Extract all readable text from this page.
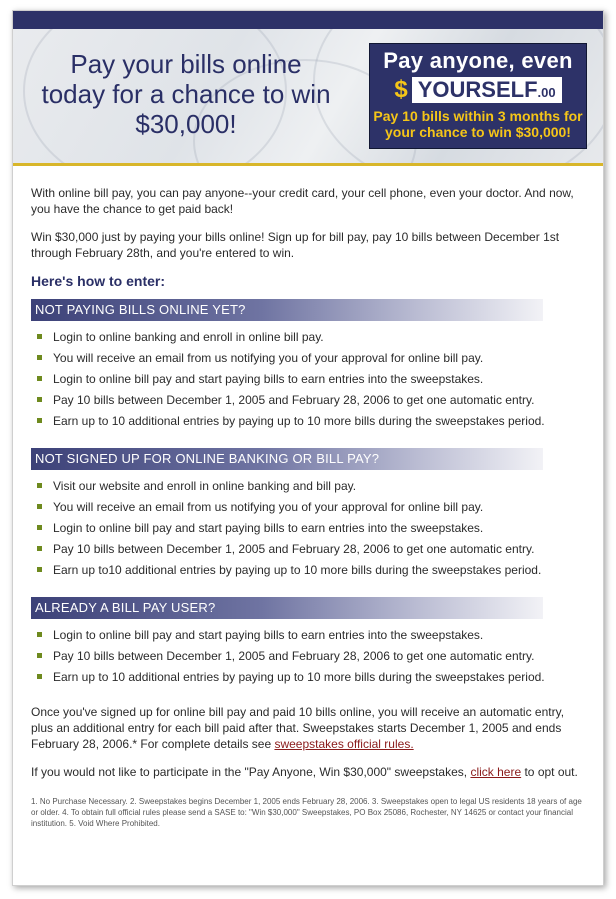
Pay your bills online today for a chance to win $30,000!
Pay anyone, even
$ YOURSELF.00
Pay 10 bills within 3 months for your chance to win $30,000!

With online bill pay, you can pay anyone--your credit card, your cell phone, even your doctor. And now, you have the chance to get paid back!

Win $30,000 just by paying your bills online! Sign up for bill pay, pay 10 bills between December 1st through February 28th, and you're entered to win.

Here's how to enter:
NOT PAYING BILLS ONLINE YET?
Login to online banking and enroll in online bill pay.
You will receive an email from us notifying you of your approval for online bill pay.
Login to online bill pay and start paying bills to earn entries into the sweepstakes.
Pay 10 bills between December 1, 2005 and February 28, 2006 to get one automatic entry.
Earn up to 10 additional entries by paying up to 10 more bills during the sweepstakes period.
NOT SIGNED UP FOR ONLINE BANKING OR BILL PAY?
Visit our website and enroll in online banking and bill pay.
You will receive an email from us notifying you of your approval for online bill pay.
Login to online bill pay and start paying bills to earn entries into the sweepstakes.
Pay 10 bills between December 1, 2005 and February 28, 2006 to get one automatic entry.
Earn up to10 additional entries by paying up to 10 more bills during the sweepstakes period.
ALREADY A BILL PAY USER?
Login to online bill pay and start paying bills to earn entries into the sweepstakes.
Pay 10 bills between December 1, 2005 and February 28, 2006 to get one automatic entry.
Earn up to 10 additional entries by paying up to 10 more bills during the sweepstakes period.

Once you've signed up for online bill pay and paid 10 bills online, you will receive an automatic entry, plus an additional entry for each bill paid after that. Sweepstakes starts December 1, 2005 and ends February 28, 2006.* For complete details see sweepstakes official rules.

If you would not like to participate in the "Pay Anyone, Win $30,000" sweepstakes, click here to opt out.

1. No Purchase Necessary. 2. Sweepstakes begins December 1, 2005 ends February 28, 2006. 3. Sweepstakes open to legal US residents 18 years of age or older. 4. To obtain full official rules please send a SASE to: "Win $30,000" Sweepstakes, PO Box 25086, Rochester, NY 14625 or contact your financial institution. 5. Void Where Prohibited.
